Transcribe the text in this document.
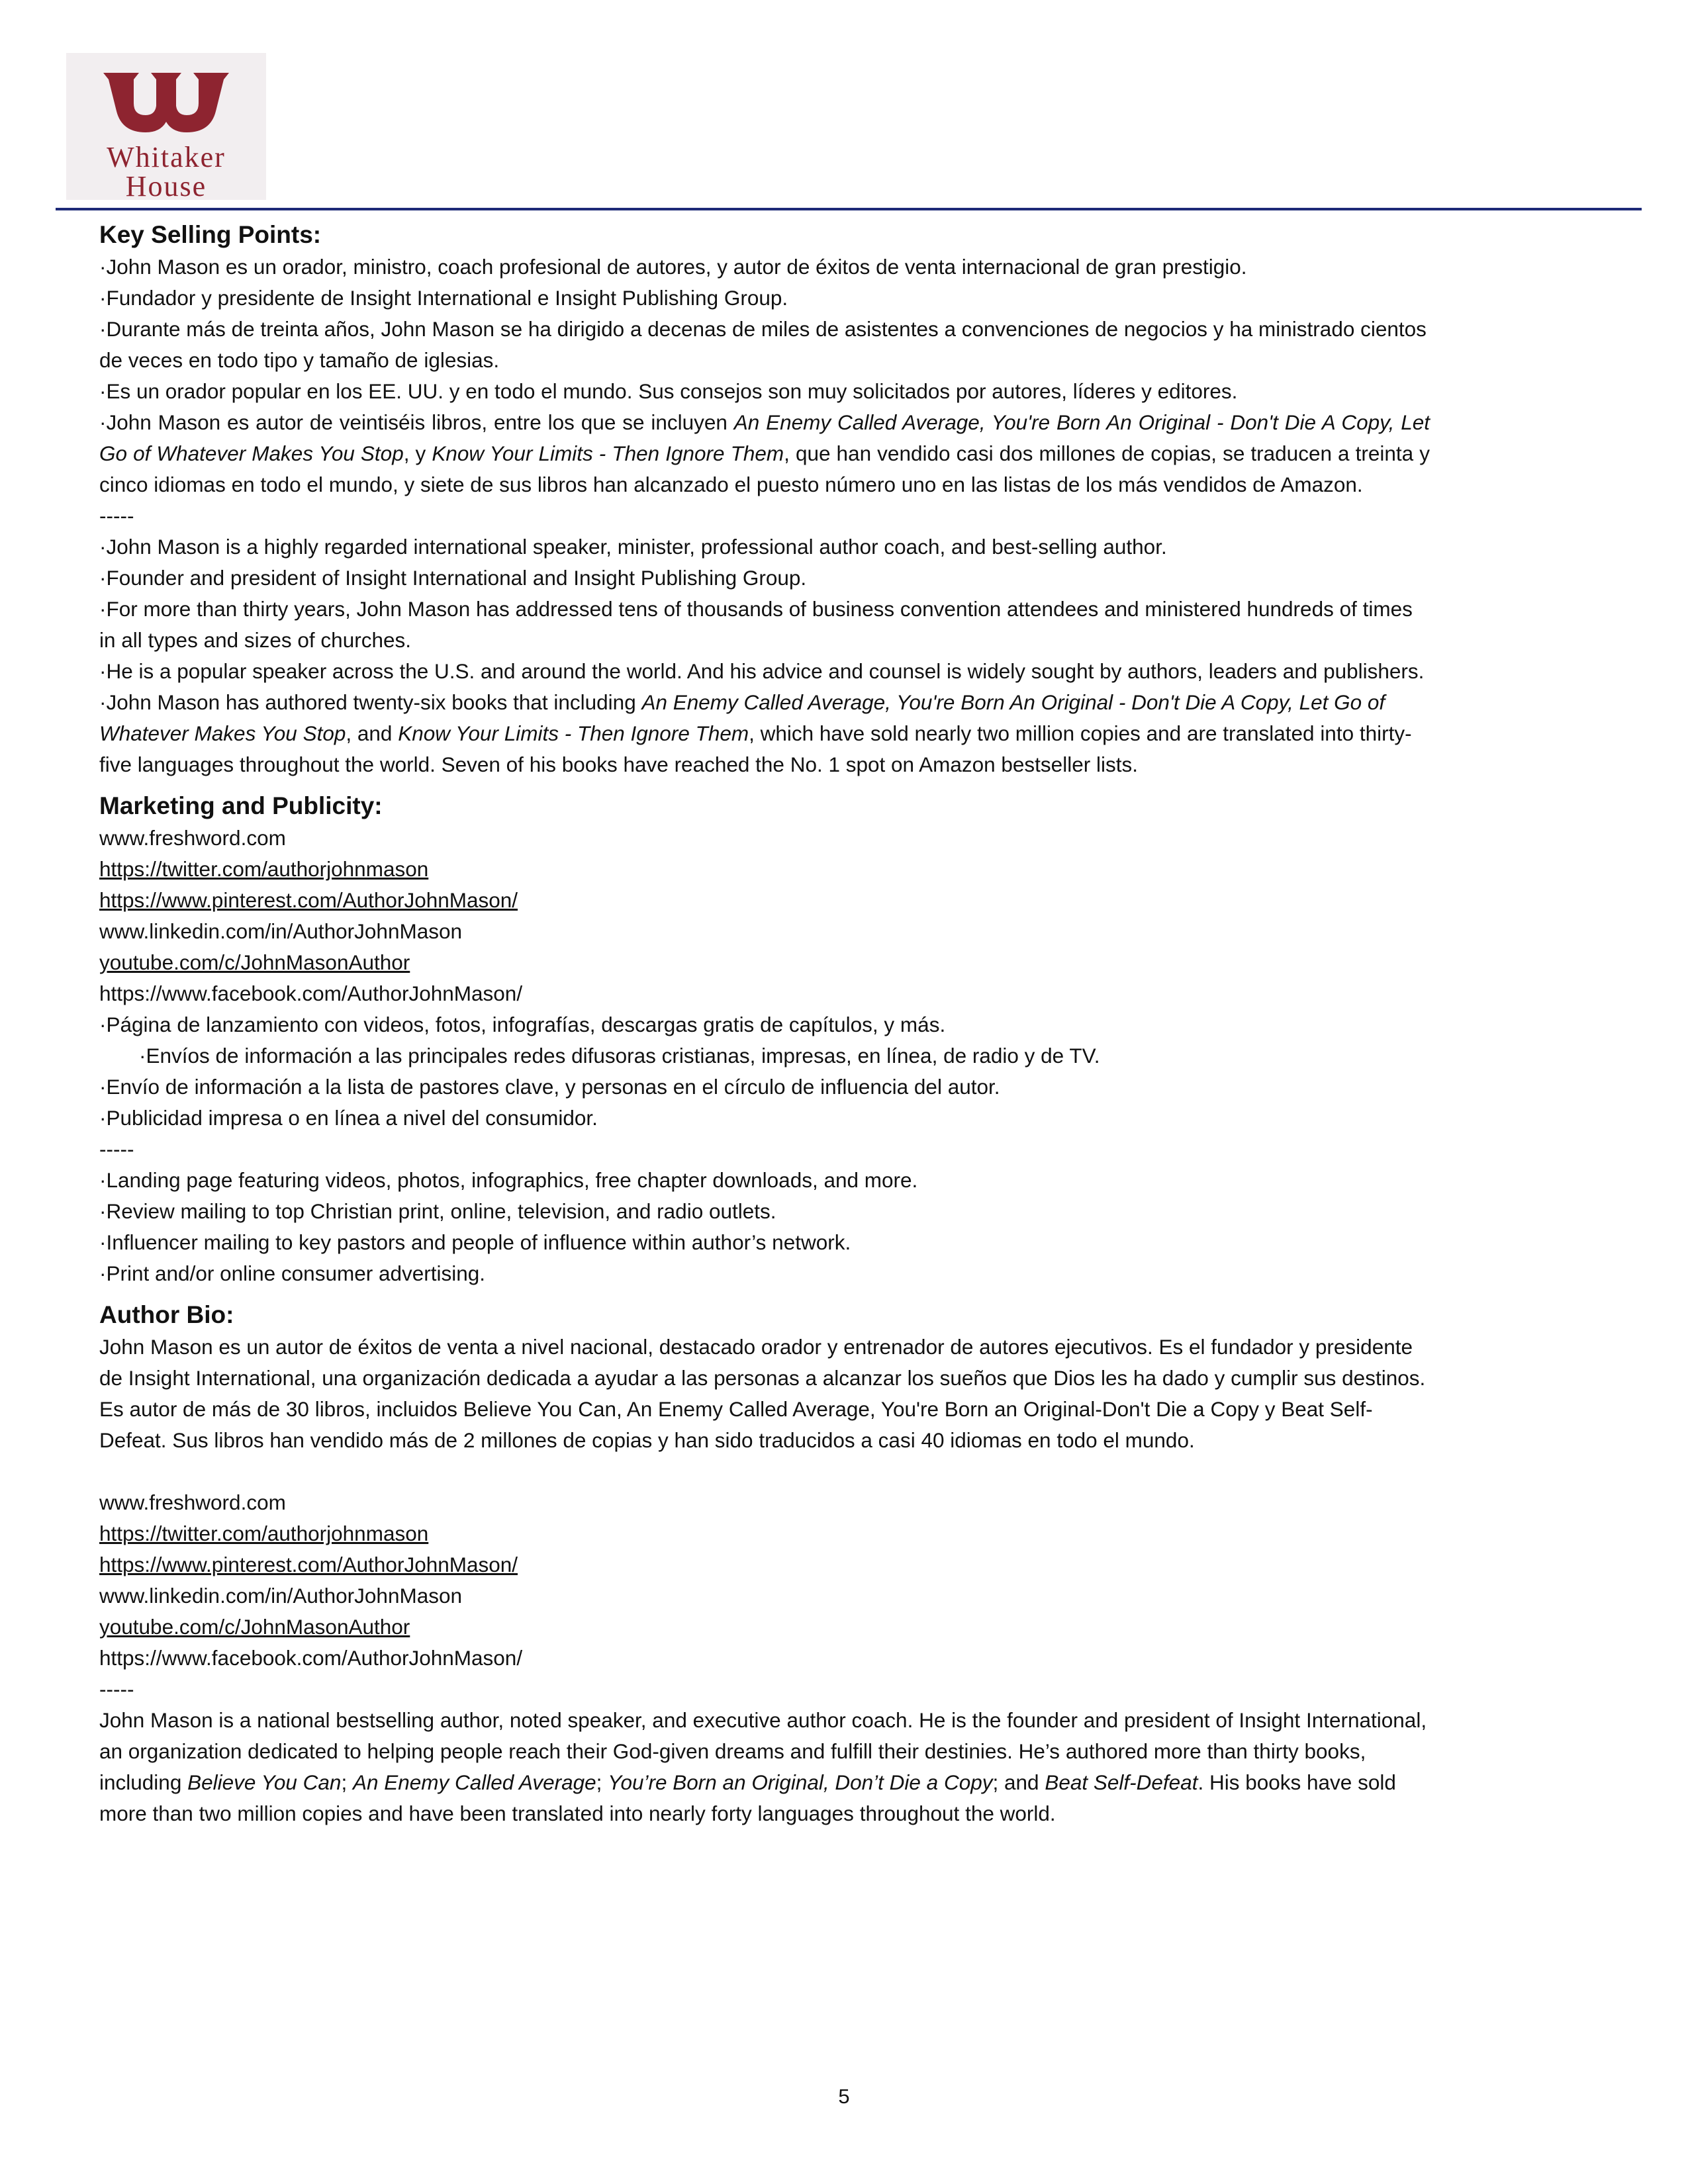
Whitaker
House
Key Selling Points:

·John Mason es un orador, ministro, coach profesional de autores, y autor de éxitos de venta internacional de gran prestigio.

·Fundador y presidente de Insight International e Insight Publishing Group.

·Durante más de treinta años, John Mason se ha dirigido a decenas de miles de asistentes a convenciones de negocios y ha ministrado cientos de veces en todo tipo y tamaño de iglesias.

·Es un orador popular en los EE. UU. y en todo el mundo. Sus consejos son muy solicitados por autores, líderes y editores.

·John Mason es autor de veintiséis libros, entre los que se incluyen An Enemy Called Average, You're Born An Original - Don't Die A Copy, Let Go of Whatever Makes You Stop, y Know Your Limits - Then Ignore Them, que han vendido casi dos millones de copias, se traducen a treinta y cinco idiomas en todo el mundo, y siete de sus libros han alcanzado el puesto número uno en las listas de los más vendidos de Amazon.

-----

·John Mason is a highly regarded international speaker, minister, professional author coach, and best-selling author.

·Founder and president of Insight International and Insight Publishing Group.

·For more than thirty years, John Mason has addressed tens of thousands of business convention attendees and ministered hundreds of times in all types and sizes of churches.

·He is a popular speaker across the U.S. and around the world. And his advice and counsel is widely sought by authors, leaders and publishers.

·John Mason has authored twenty-six books that including An Enemy Called Average, You're Born An Original - Don't Die A Copy, Let Go of Whatever Makes You Stop, and Know Your Limits - Then Ignore Them, which have sold nearly two million copies and are translated into thirty-five languages throughout the world. Seven of his books have reached the No. 1 spot on Amazon bestseller lists.

Marketing and Publicity:

www.freshword.com

https://twitter.com/authorjohnmason

https://www.pinterest.com/AuthorJohnMason/

www.linkedin.com/in/AuthorJohnMason

youtube.com/c/JohnMasonAuthor

https://www.facebook.com/AuthorJohnMason/

·Página de lanzamiento con videos, fotos, infografías, descargas gratis de capítulos, y más.

·Envíos de información a las principales redes difusoras cristianas, impresas, en línea, de radio y de TV.

·Envío de información a la lista de pastores clave, y personas en el círculo de influencia del autor.

·Publicidad impresa o en línea a nivel del consumidor.

-----

·Landing page featuring videos, photos, infographics, free chapter downloads, and more.

·Review mailing to top Christian print, online, television, and radio outlets.

·Influencer mailing to key pastors and people of influence within author’s network.

·Print and/or online consumer advertising.

Author Bio:

John Mason es un autor de éxitos de venta a nivel nacional, destacado orador y entrenador de autores ejecutivos. Es el fundador y presidente de Insight International, una organización dedicada a ayudar a las personas a alcanzar los sueños que Dios les ha dado y cumplir sus destinos. Es autor de más de 30 libros, incluidos Believe You Can, An Enemy Called Average, You're Born an Original-Don't Die a Copy y Beat Self-Defeat. Sus libros han vendido más de 2 millones de copias y han sido traducidos a casi 40 idiomas en todo el mundo.

www.freshword.com

https://twitter.com/authorjohnmason

https://www.pinterest.com/AuthorJohnMason/

www.linkedin.com/in/AuthorJohnMason

youtube.com/c/JohnMasonAuthor

https://www.facebook.com/AuthorJohnMason/

-----

John Mason is a national bestselling author, noted speaker, and executive author coach. He is the founder and president of Insight International, an organization dedicated to helping people reach their God-given dreams and fulfill their destinies. He’s authored more than thirty books, including Believe You Can; An Enemy Called Average; You’re Born an Original, Don’t Die a Copy; and Beat Self-Defeat. His books have sold more than two million copies and have been translated into nearly forty languages throughout the world.

5
